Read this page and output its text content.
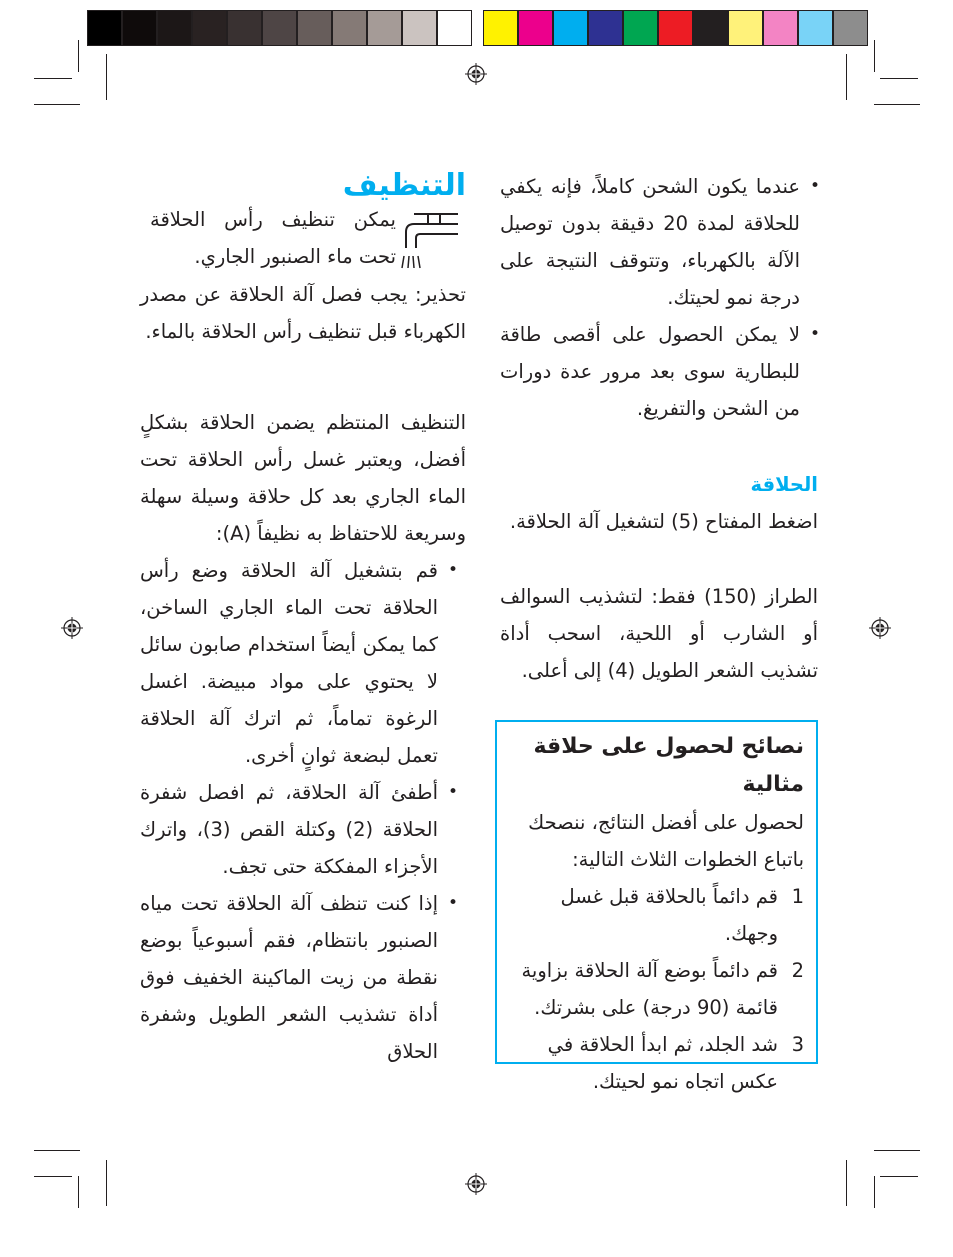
• عندما يكون الشحن كاملاً، فإنه يكفي للحلاقة لمدة 20 دقيقة بدون توصيل الآلة بالكهرباء، وتتوقف النتيجة على درجة نمو لحيتك.
• لا يمكن الحصول على أقصى طاقة للبطارية سوى بعد مرور عدة دورات من الشحن والتفريغ.

الحلاقة

اضغط المفتاح (5) لتشغيل آلة الحلاقة.

الطراز (150) فقط: لتشذيب السوالف أو الشارب أو اللحية، اسحب أداة تشذيب الشعر الطويل (4) إلى أعلى.

نصائح لحصول على حلاقة مثالية

لحصول على أفضل النتائج، ننصحك باتباع الخطوات الثلاث التالية:

1
قم دائماً بالحلاقة قبل غسل وجهك.
2
قم دائماً بوضع آلة الحلاقة بزاوية قائمة (90 درجة) على بشرتك.
3
شد الجلد، ثم ابدأ الحلاقة في عكس اتجاه نمو لحيتك.
التنظيف

يمكن تنظيف رأس الحلاقة تحت ماء الصنبور الجاري.

تحذير: يجب فصل آلة الحلاقة عن مصدر الكهرباء قبل تنظيف رأس الحلاقة بالماء.

التنظيف المنتظم يضمن الحلاقة بشكلٍ أفضل، ويعتبر غسل رأس الحلاقة تحت الماء الجاري بعد كل حلاقة وسيلة سهلة وسريعة للاحتفاظ به نظيفاً (A):

• قم بتشغيل آلة الحلاقة وضع رأس الحلاقة تحت الماء الجاري الساخن، كما يمكن أيضاً استخدام صابون سائل لا يحتوي على مواد مبيضة. اغسل الرغوة تماماً، ثم اترك آلة الحلاقة تعمل لبضعة ثوانٍ أخرى.
• أطفئ آلة الحلاقة، ثم افصل شفرة الحلاقة (2) وكتلة القص (3)، واترك الأجزاء المفككة حتى تجف.
• إذا كنت تنظف آلة الحلاقة تحت مياه الصنبور بانتظام، فقم أسبوعياً بوضع نقطة من زيت الماكينة الخفيف فوق أداة تشذيب الشعر الطويل وشفرة الحلاق
